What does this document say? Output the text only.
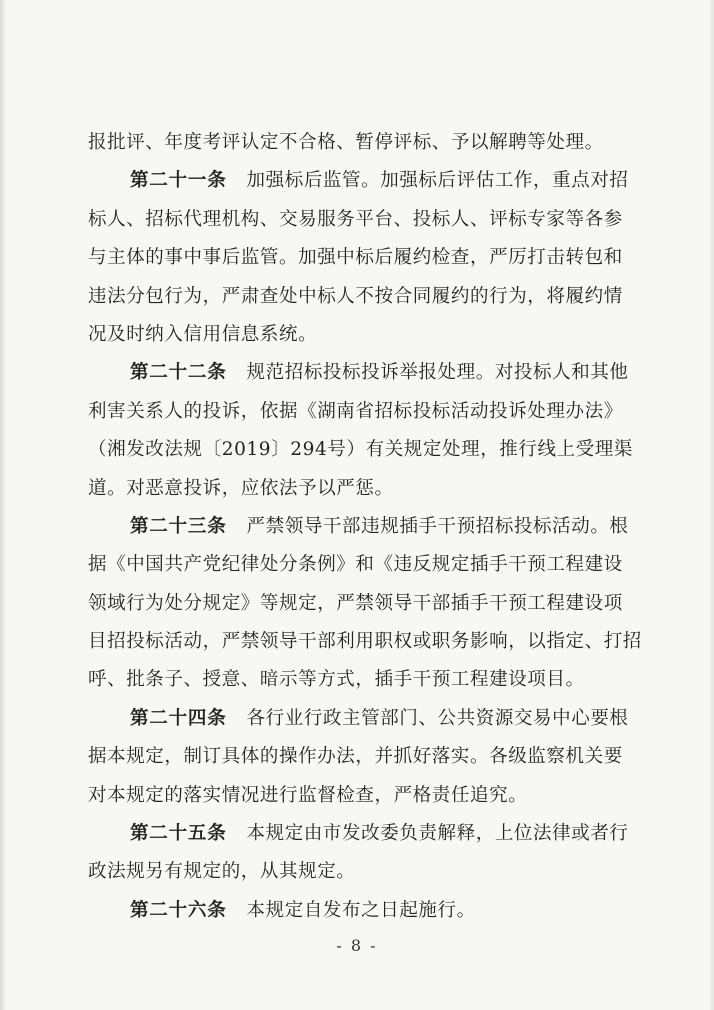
报批评、年度考评认定不合格、暂停评标、予以解聘等处理。
第二十一条 加强标后监管。加强标后评估工作，重点对招
标人、招标代理机构、交易服务平台、投标人、评标专家等各参
与主体的事中事后监管。加强中标后履约检查，严厉打击转包和
违法分包行为，严肃查处中标人不按合同履约的行为，将履约情
况及时纳入信用信息系统。
第二十二条 规范招标投标投诉举报处理。对投标人和其他
利害关系人的投诉，依据《湖南省招标投标活动投诉处理办法》
（湘发改法规〔2019〕294号）有关规定处理，推行线上受理渠
道。对恶意投诉，应依法予以严惩。
第二十三条 严禁领导干部违规插手干预招标投标活动。根
据《中国共产党纪律处分条例》和《违反规定插手干预工程建设
领域行为处分规定》等规定，严禁领导干部插手干预工程建设项
目招投标活动，严禁领导干部利用职权或职务影响，以指定、打招
呼、批条子、授意、暗示等方式，插手干预工程建设项目。
第二十四条 各行业行政主管部门、公共资源交易中心要根
据本规定，制订具体的操作办法，并抓好落实。各级监察机关要
对本规定的落实情况进行监督检查，严格责任追究。
第二十五条 本规定由市发改委负责解释，上位法律或者行
政法规另有规定的，从其规定。
第二十六条 本规定自发布之日起施行。
- 8 -
